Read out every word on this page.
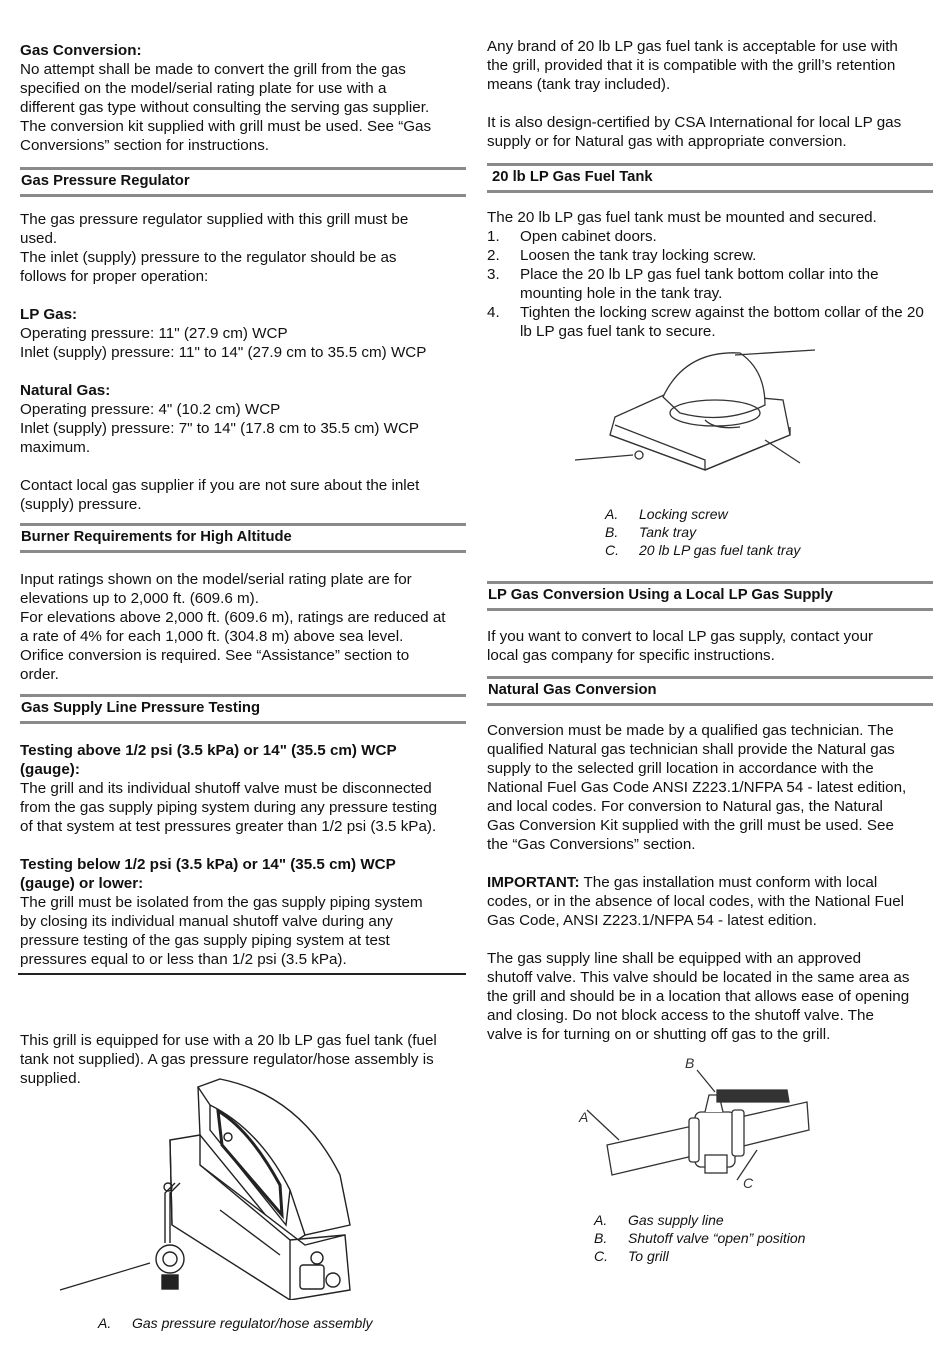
Gas Conversion:

No attempt shall be made to convert the grill from the gas

specified on the model/serial rating plate for use with a

different gas type without consulting the serving gas supplier.

The conversion kit supplied with grill must be used. See “Gas

Conversions” section for instructions.

Gas Pressure Regulator

The gas pressure regulator supplied with this grill must be

used.

The inlet (supply) pressure to the regulator should be as

follows for proper operation:

LP Gas:

Operating pressure: 11" (27.9 cm) WCP

Inlet (supply) pressure: 11" to 14" (27.9 cm to 35.5 cm) WCP

Natural Gas:

Operating pressure: 4" (10.2 cm) WCP

Inlet (supply) pressure: 7" to 14" (17.8 cm to 35.5 cm) WCP

maximum.

Contact local gas supplier if you are not sure about the inlet

(supply) pressure.

Burner Requirements for High Altitude

Input ratings shown on the model/serial rating plate are for

elevations up to 2,000 ft. (609.6 m).

For elevations above 2,000 ft. (609.6 m), ratings are reduced at

a rate of 4% for each 1,000 ft. (304.8 m) above sea level.

Orifice conversion is required. See “Assistance” section to

order.

Gas Supply Line Pressure Testing

Testing above 1/2 psi (3.5 kPa) or 14" (35.5 cm) WCP

(gauge):

The grill and its individual shutoff valve must be disconnected

from the gas supply piping system during any pressure testing

of that system at test pressures greater than 1/2 psi (3.5 kPa).

Testing below 1/2 psi (3.5 kPa) or 14" (35.5 cm) WCP

(gauge) or lower:

The grill must be isolated from the gas supply piping system

by closing its individual manual shutoff valve during any

pressure testing of the gas supply piping system at test

pressures equal to or less than 1/2 psi (3.5 kPa).

This grill is equipped for use with a 20 lb LP gas fuel tank (fuel

tank not supplied). A gas pressure regulator/hose assembly is

supplied.

A. Gas pressure regulator/hose assembly

Any brand of 20 lb LP gas fuel tank is acceptable for use with

the grill, provided that it is compatible with the grill’s retention

means (tank tray included).

It is also design-certified by CSA International for local LP gas

supply or for Natural gas with appropriate conversion.

20 lb LP Gas Fuel Tank

The 20 lb LP gas fuel tank must be mounted and secured.

1. Open cabinet doors.
2. Loosen the tank tray locking screw.
3. Place the 20 lb LP gas fuel tank bottom collar into the mounting hole in the tank tray.
4. Tighten the locking screw against the bottom collar of the 20 lb LP gas fuel tank to secure.
A. Locking screw
B. Tank tray
C. 20 lb LP gas fuel tank tray
LP Gas Conversion Using a Local LP Gas Supply

If you want to convert to local LP gas supply, contact your

local gas company for specific instructions.

Natural Gas Conversion

Conversion must be made by a qualified gas technician. The

qualified Natural gas technician shall provide the Natural gas

supply to the selected grill location in accordance with the

National Fuel Gas Code ANSI Z223.1/NFPA 54 - latest edition,

and local codes. For conversion to Natural gas, the Natural

Gas Conversion Kit supplied with the grill must be used. See

the “Gas Conversions” section.

IMPORTANT: The gas installation must conform with local

codes, or in the absence of local codes, with the National Fuel

Gas Code, ANSI Z223.1/NFPA 54 - latest edition.

The gas supply line shall be equipped with an approved

shutoff valve. This valve should be located in the same area as

the grill and should be in a location that allows ease of opening

and closing. Do not block access to the shutoff valve. The

valve is for turning on or shutting off gas to the grill.

A
B
C
A. Gas supply line
B. Shutoff valve “open” position
C. To grill
